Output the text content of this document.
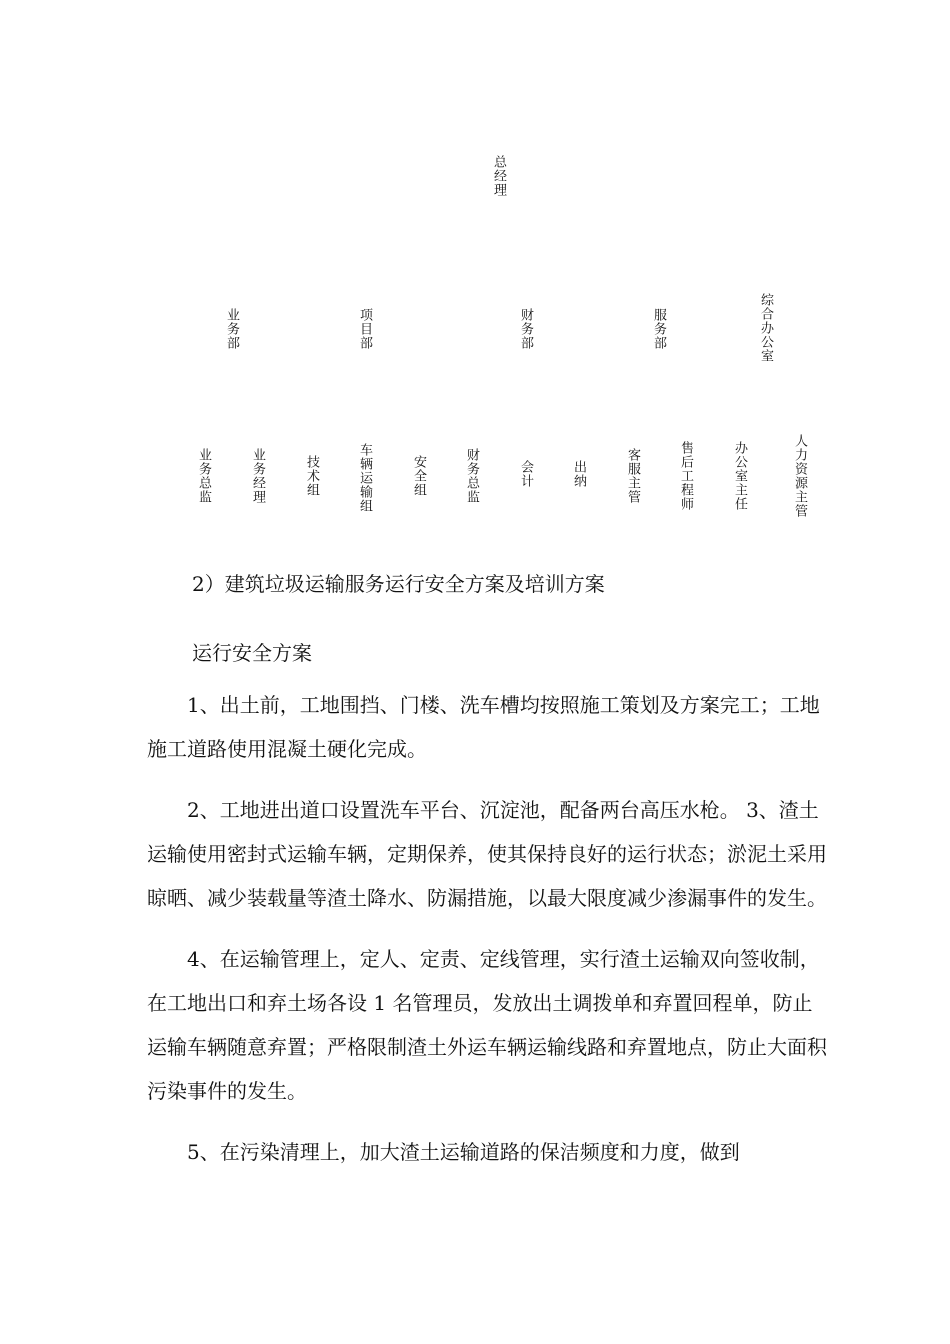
总经理
业务部	项目部	财务部	服务部	综合办公室
业务总监	业务经理	技术组	车辆运输组	安全组	财务总监	会计	出纳	客服主管	售后工程师	办公室主任	人力资源主管
2）建筑垃圾运输服务运行安全方案及培训方案
运行安全方案

1、出土前，工地围挡、门楼、洗车槽均按照施工策划及方案完工；工地施工道路使用混凝土硬化完成。

2、工地进出道口设置洗车平台、沉淀池，配备两台高压水枪。 3、渣土运输使用密封式运输车辆，定期保养，使其保持良好的运行状态；淤泥土采用晾晒、减少装载量等渣土降水、防漏措施，以最大限度减少渗漏事件的发生。

4、在运输管理上，定人、定责、定线管理，实行渣土运输双向签收制，在工地出口和弃土场各设 1 名管理员，发放出土调拨单和弃置回程单，防止运输车辆随意弃置；严格限制渣土外运车辆运输线路和弃置地点，防止大面积污染事件的发生。

5、在污染清理上，加大渣土运输道路的保洁频度和力度，做到
